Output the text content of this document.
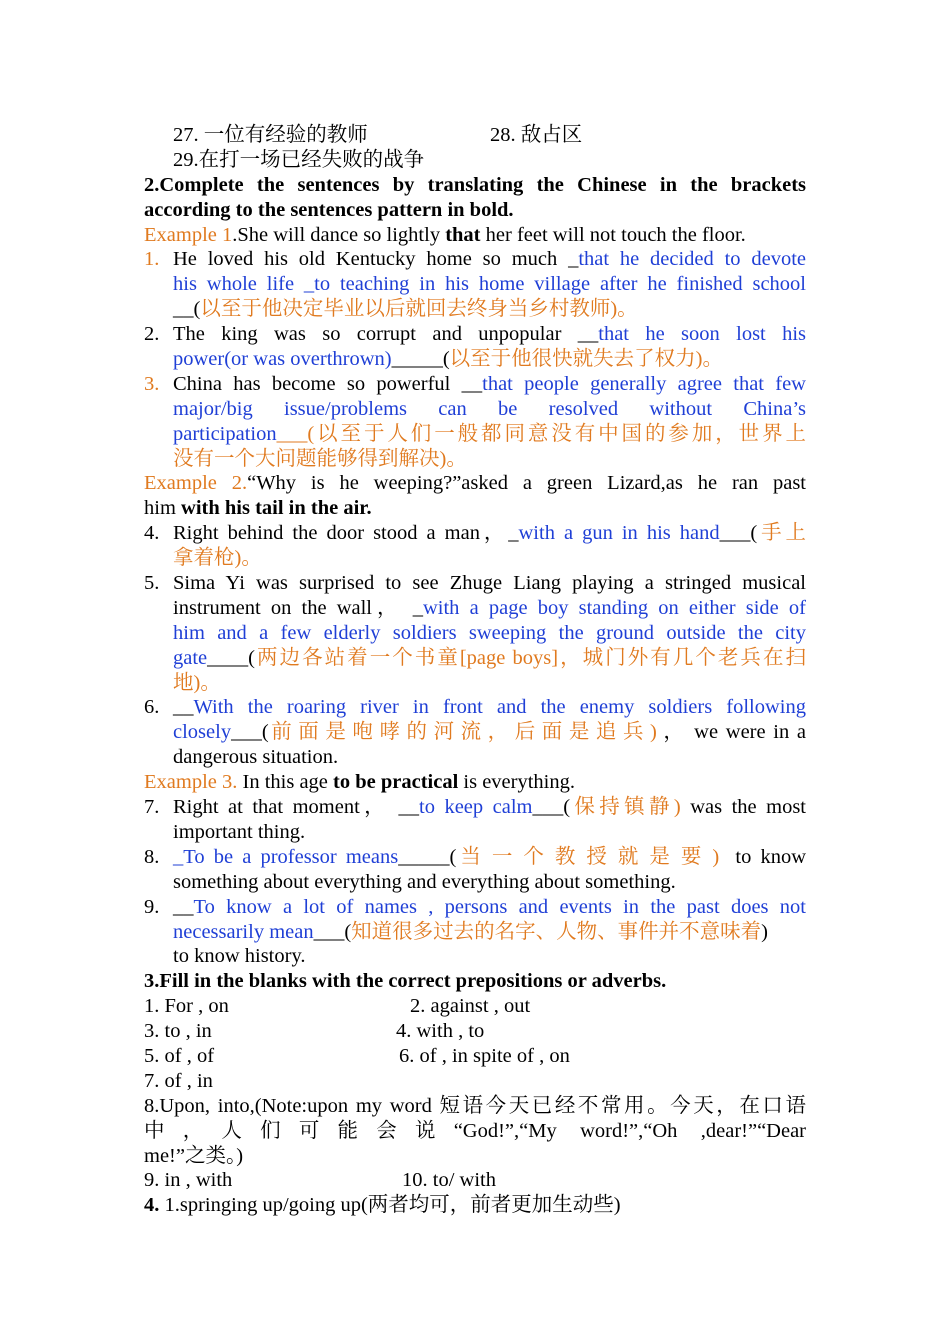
27. 一位有经验的教师	28. 敌占区
29.在打一场已经失败的战争
2.Complete the sentences by translating the Chinese in the brackets
according to the sentences pattern in bold.
Example 1.She will dance so lightly that her feet will not touch the floor.
1. He loved his old Kentucky home so much _that he decided to devote
his whole life _to teaching in his home village after he finished school
__(以至于他决定毕业以后就回去终身当乡村教师)。
2. The king was so corrupt and unpopular __that he soon lost his
power(or was overthrown)_____(以至于他很快就失去了权力)。
3. China has become so powerful __that people generally agree that few
major/big issue/problems can be resolved without China’s
participation___(以至于人们一般都同意没有中国的参加，世界上
没有一个大问题能够得到解决)。
Example 2.“Why is he weeping?”asked a green Lizard,as he ran past
him with his tail in the air.
4. Right behind the door stood a man，_with a gun in his hand___(手上
拿着枪)。
5. Sima Yi was surprised to see Zhuge Liang playing a stringed musical
instrument on the wall， _with a page boy standing on either side of
him and a few elderly soldiers sweeping the ground outside the city
gate____(两边各站着一个书童[page boys]，城门外有几个老兵在扫
地)。
6. __With the roaring river in front and the enemy soldiers following
closely___(前面是咆哮的河流，后面是追兵)， we were in a
dangerous situation.
Example 3. In this age to be practical is everything.
7. Right at that moment， __to keep calm___(保持镇静) was the most
important thing.
8. _To be a professor means_____(当一个教授就是要) to know
something about everything and everything about something.
9. __To know a lot of names , persons and events in the past does not
necessarily mean___(知道很多过去的名字、人物、事件并不意味着)
to know history.
3.Fill in the blanks with the correct prepositions or adverbs.
1. For , on	2. against , out
3. to , in	4. with , to
5. of , of	6. of , in spite of , on
7. of , in
8.Upon, into,(Note:upon my word 短语今天已经不常用。今天，在口语
中，人们可能会说“God!”,“My word!”,“Oh ,dear!”“Dear
me!”之类。)
9. in , with	10. to/ with
4. 1.springing up/going up(两者均可，前者更加生动些)
